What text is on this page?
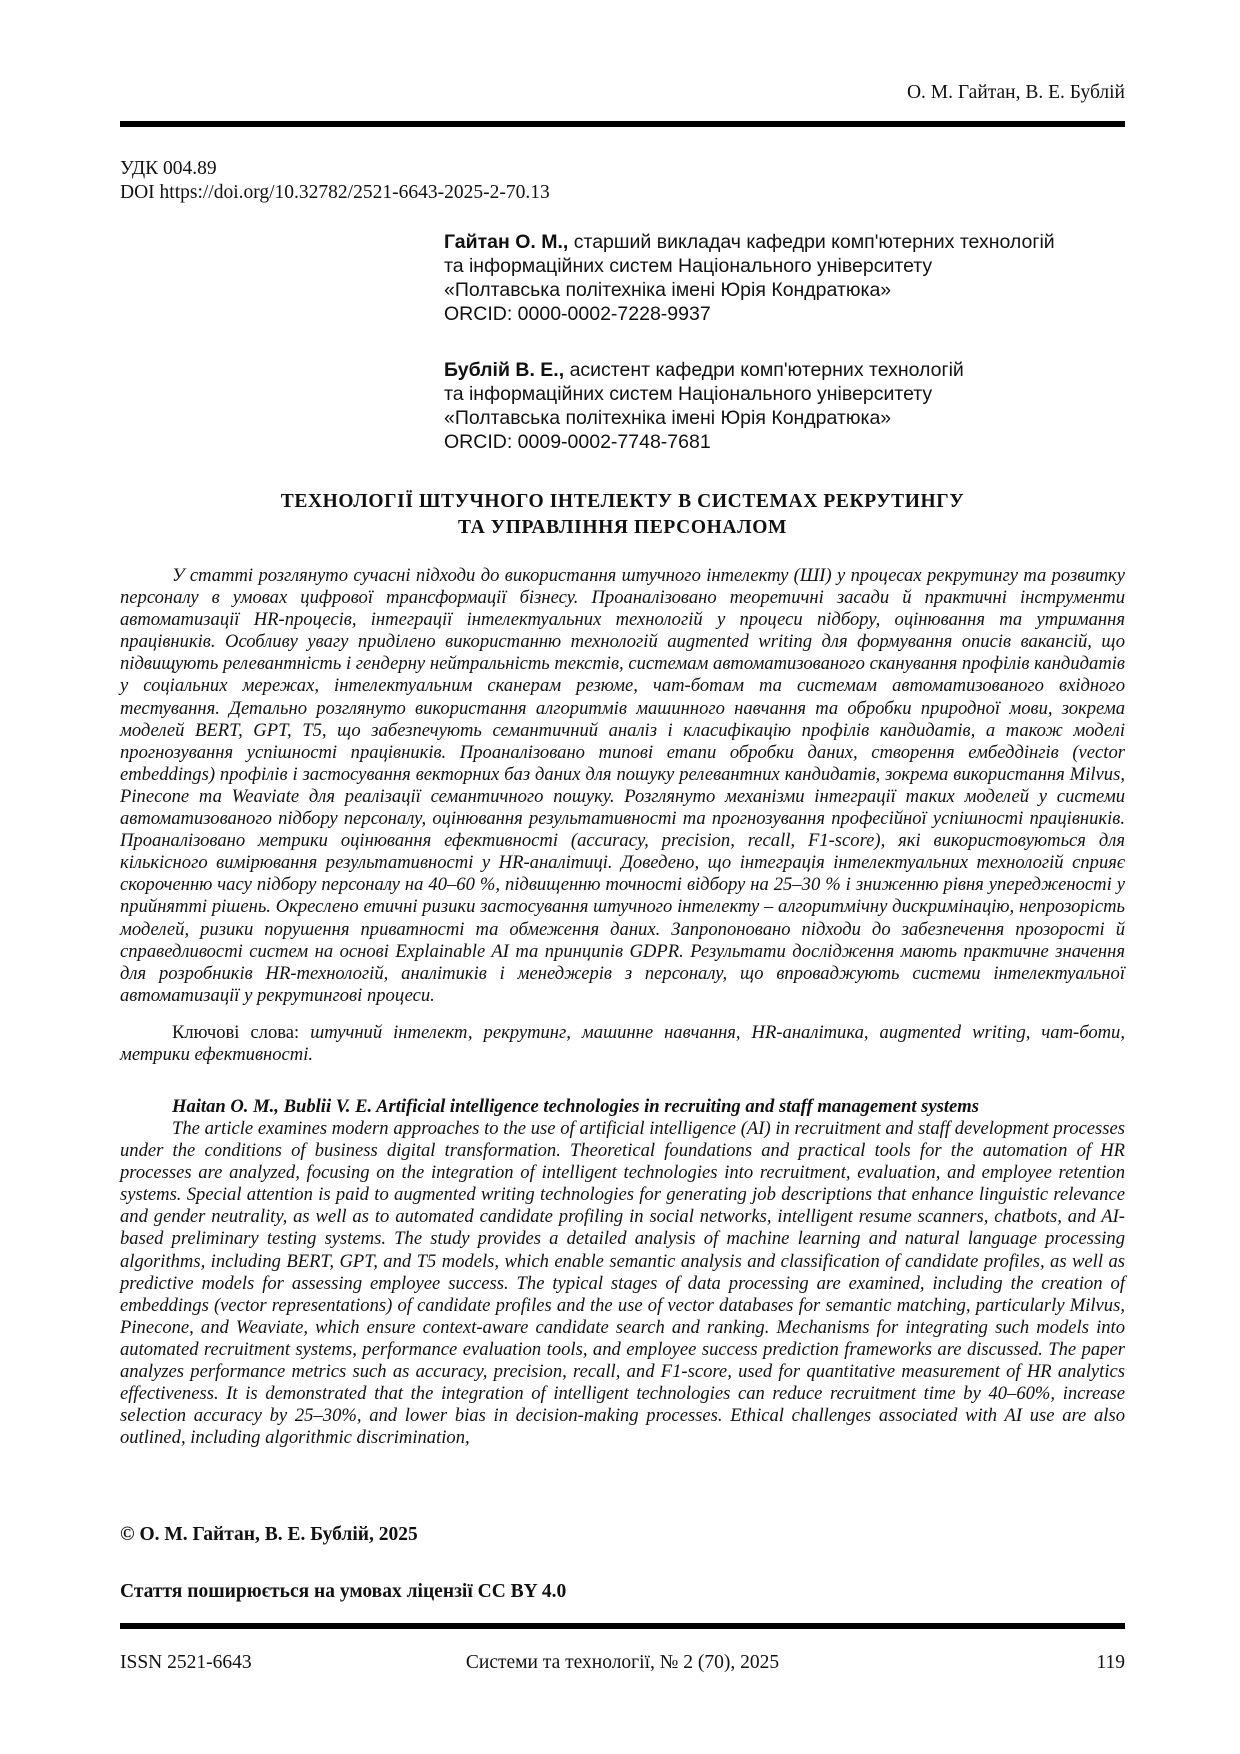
О. М. Гайтан, В. Е. Бублій
УДК 004.89
DOI https://doi.org/10.32782/2521-6643-2025-2-70.13
Гайтан О. М., старший викладач кафедри комп'ютерних технологій
та інформаційних систем Національного університету
«Полтавська політехніка імені Юрія Кондратюка»
ORCID: 0000-0002-7228-9937
Бублій В. Е., асистент кафедри комп'ютерних технологій
та інформаційних систем Національного університету
«Полтавська політехніка імені Юрія Кондратюка»
ORCID: 0009-0002-7748-7681
ТЕХНОЛОГІЇ ШТУЧНОГО ІНТЕЛЕКТУ В СИСТЕМАХ РЕКРУТИНГУ
ТА УПРАВЛІННЯ ПЕРСОНАЛОМ
У статті розглянуто сучасні підходи до використання штучного інтелекту (ШІ) у процесах рекрутингу та розвитку персоналу в умовах цифрової трансформації бізнесу. Проаналізовано теоретичні засади й практичні інструменти автоматизації HR-процесів, інтеграції інтелектуальних технологій у процеси підбору, оцінювання та утримання працівників. Особливу увагу приділено використанню технологій augmented writing для формування описів вакансій, що підвищують релевантність і гендерну нейтральність текстів, системам автоматизованого сканування профілів кандидатів у соціальних мережах, інтелектуальним сканерам резюме, чат-ботам та системам автоматизованого вхідного тестування. Детально розглянуто використання алгоритмів машинного навчання та обробки природної мови, зокрема моделей BERT, GPT, T5, що забезпечують семантичний аналіз і класифікацію профілів кандидатів, а також моделі прогнозування успішності працівників. Проаналізовано типові етапи обробки даних, створення ембеддінгів (vector embeddings) профілів і застосування векторних баз даних для пошуку релевантних кандидатів, зокрема використання Milvus, Pinecone та Weaviate для реалізації семантичного пошуку. Розглянуто механізми інтеграції таких моделей у системи автоматизованого підбору персоналу, оцінювання результативності та прогнозування професійної успішності працівників. Проаналізовано метрики оцінювання ефективності (accuracy, precision, recall, F1-score), які використовуються для кількісного вимірювання результативності у HR-аналітиці. Доведено, що інтеграція інтелектуальних технологій сприяє скороченню часу підбору персоналу на 40–60 %, підвищенню точності відбору на 25–30 % і зниженню рівня упередженості у прийнятті рішень. Окреслено етичні ризики застосування штучного інтелекту – алгоритмічну дискримінацію, непрозорість моделей, ризики порушення приватності та обмеження даних. Запропоновано підходи до забезпечення прозорості й справедливості систем на основі Explainable AI та принципів GDPR. Результати дослідження мають практичне значення для розробників HR-технологій, аналітиків і менеджерів з персоналу, що впроваджують системи інтелектуальної автоматизації у рекрутингові процеси.
Ключові слова: штучний інтелект, рекрутинг, машинне навчання, HR-аналітика, augmented writing, чат-боти, метрики ефективності.
Haitan O. M., Bublii V. E. Artificial intelligence technologies in recruiting and staff management systems
The article examines modern approaches to the use of artificial intelligence (AI) in recruitment and staff development processes under the conditions of business digital transformation. Theoretical foundations and practical tools for the automation of HR processes are analyzed, focusing on the integration of intelligent technologies into recruitment, evaluation, and employee retention systems. Special attention is paid to augmented writing technologies for generating job descriptions that enhance linguistic relevance and gender neutrality, as well as to automated candidate profiling in social networks, intelligent resume scanners, chatbots, and AI-based preliminary testing systems. The study provides a detailed analysis of machine learning and natural language processing algorithms, including BERT, GPT, and T5 models, which enable semantic analysis and classification of candidate profiles, as well as predictive models for assessing employee success. The typical stages of data processing are examined, including the creation of embeddings (vector representations) of candidate profiles and the use of vector databases for semantic matching, particularly Milvus, Pinecone, and Weaviate, which ensure context-aware candidate search and ranking. Mechanisms for integrating such models into automated recruitment systems, performance evaluation tools, and employee success prediction frameworks are discussed. The paper analyzes performance metrics such as accuracy, precision, recall, and F1-score, used for quantitative measurement of HR analytics effectiveness. It is demonstrated that the integration of intelligent technologies can reduce recruitment time by 40–60%, increase selection accuracy by 25–30%, and lower bias in decision-making processes. Ethical challenges associated with AI use are also outlined, including algorithmic discrimination,
© О. М. Гайтан, В. Е. Бублій, 2025
Стаття поширюється на умовах ліцензії CC BY 4.0
Системи та технології, № 2 (70), 2025	119
ISSN 2521-6643
